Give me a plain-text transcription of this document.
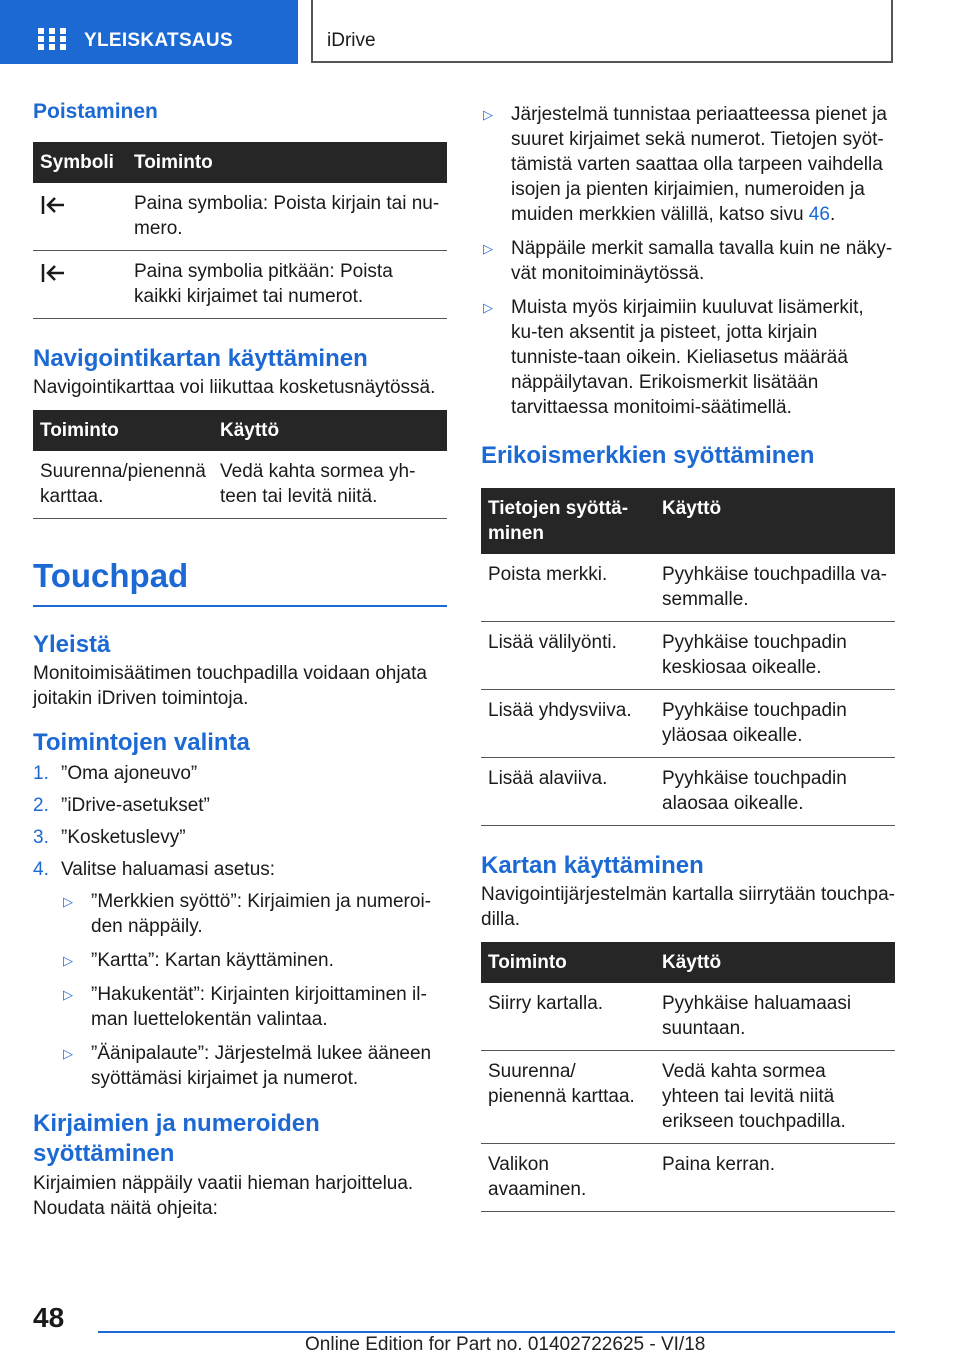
YLEISKATSAUS	iDrive
Poistaminen
Symboli	Toiminto
	Paina symbolia: Poista kirjain tai nu-mero.
	Paina symbolia pitkään: Poista kaikki kirjaimet tai numerot.
Navigointikartan käyttäminen

Navigointikarttaa voi liikuttaa kosketusnäytössä.

Toiminto	Käyttö
Suurenna/pienennä karttaa.	Vedä kahta sormea yh-teen tai levitä niitä.
Touchpad
Yleistä

Monitoimisäätimen touchpadilla voidaan ohjata joitakin iDriven toimintoja.

Toimintojen valinta
1. ”Oma ajoneuvo”
2. ”iDrive-asetukset”
3. ”Kosketuslevy”
4. Valitse haluamasi asetus:
▷ ”Merkkien syöttö”: Kirjaimien ja numeroi-den näppäily.
▷ ”Kartta”: Kartan käyttäminen.
▷ ”Hakukentät”: Kirjainten kirjoittaminen il-man luettelokentän valintaa.
▷ ”Äänipalaute”: Järjestelmä lukee ääneen syöttämäsi kirjaimet ja numerot.
Kirjaimien ja numeroiden syöttäminen

Kirjaimien näppäily vaatii hieman harjoittelua.

Noudata näitä ohjeita:

▷ Järjestelmä tunnistaa periaatteessa pienet ja suuret kirjaimet sekä numerot. Tietojen syöt-tämistä varten saattaa olla tarpeen vaihdella isojen ja pienten kirjaimien, numeroiden ja muiden merkkien välillä, katso sivu 46.
▷ Näppäile merkit samalla tavalla kuin ne näky-vät monitoiminäytössä.
▷ Muista myös kirjaimiin kuuluvat lisämerkit, ku-ten aksentit ja pisteet, jotta kirjain tunniste-taan oikein. Kieliasetus määrää näppäilytavan. Erikoismerkit lisätään tarvittaessa monitoimi-säätimellä.
Erikoismerkkien syöttäminen
Tietojen syöttä-minen	Käyttö
Poista merkki.	Pyyhkäise touchpadilla va-semmalle.
Lisää välilyönti.	Pyyhkäise touchpadin keskiosaa oikealle.
Lisää yhdysviiva.	Pyyhkäise touchpadin yläosaa oikealle.
Lisää alaviiva.	Pyyhkäise touchpadin alaosaa oikealle.
Kartan käyttäminen

Navigointijärjestelmän kartalla siirrytään touchpa-dilla.

Toiminto	Käyttö
Siirry kartalla.	Pyyhkäise haluamaasi suuntaan.
Suurenna/ pienennä karttaa.	Vedä kahta sormea yhteen tai levitä niitä erikseen touchpadilla.
Valikon avaaminen.	Paina kerran.
48
Online Edition for Part no. 01402722625 - VI/18
